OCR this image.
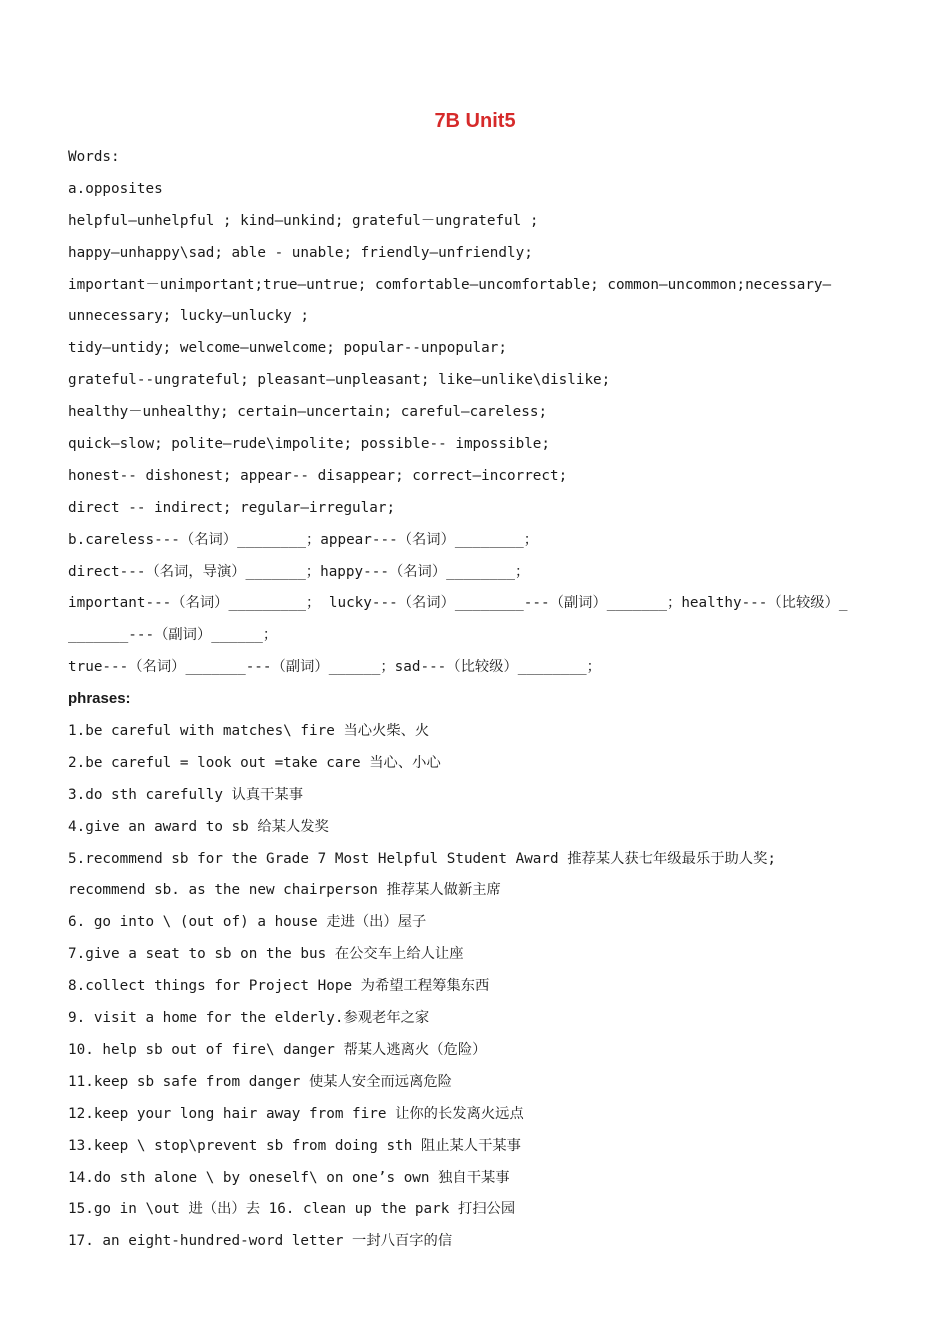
7B Unit5
Words:
a.opposites
helpful—unhelpful ; kind—unkind; grateful－ungrateful ;
happy—unhappy\sad; able - unable; friendly—unfriendly;
important－unimportant;true—untrue; comfortable—uncomfortable; common—uncommon;necessary—
unnecessary; lucky—unlucky ;
tidy—untidy; welcome—unwelcome; popular--unpopular;
grateful--ungrateful; pleasant—unpleasant; like—unlike\dislike;
healthy－unhealthy; certain—uncertain; careful—careless;
quick—slow; polite—rude\impolite; possible-- impossible;
honest-- dishonest; appear-- disappear; correct—incorrect;
direct -- indirect; regular—irregular;
b.careless---（名词）________；appear---（名词）________；
direct---（名词，导演）_______；happy---（名词）________；
important---（名词）_________； lucky---（名词）________---（副词）_______；healthy---（比较级）_
_______---（副词）______；
true---（名词）_______---（副词）______；sad---（比较级）________；
phrases:
1.be careful with matches\ fire 当心火柴、火
2.be careful = look out =take care 当心、小心
3.do sth carefully 认真干某事
4.give an award to sb 给某人发奖
5.recommend sb for the Grade 7 Most Helpful Student Award 推荐某人获七年级最乐于助人奖;
recommend sb. as the new chairperson 推荐某人做新主席
6. go into \ (out of) a house 走进（出）屋子
7.give a seat to sb on the bus 在公交车上给人让座
8.collect things for Project Hope 为希望工程筹集东西
9. visit a home for the elderly.参观老年之家
10. help sb out of fire\ danger 帮某人逃离火（危险）
11.keep sb safe from danger 使某人安全而远离危险
12.keep your long hair away from fire 让你的长发离火远点
13.keep \ stop\prevent sb from doing sth 阻止某人干某事
14.do sth alone \ by oneself\ on one’s own 独自干某事
15.go in \out 进（出）去 16. clean up the park 打扫公园
17. an eight-hundred-word letter 一封八百字的信
